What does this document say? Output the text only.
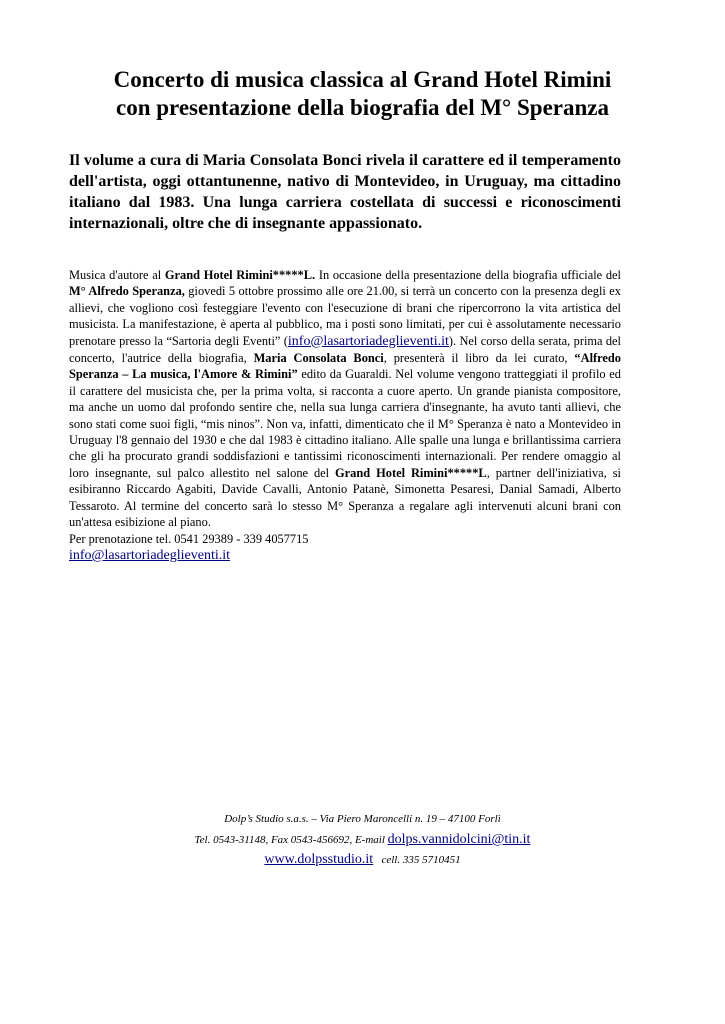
Concerto di musica classica al Grand Hotel Rimini
con presentazione della biografia del M° Speranza
Il volume a cura di Maria Consolata Bonci rivela il carattere ed il temperamento dell'artista, oggi ottantunenne, nativo di Montevideo, in Uruguay, ma cittadino italiano dal 1983. Una lunga carriera costellata di successi e riconoscimenti internazionali, oltre che di insegnante appassionato.
Musica d'autore al Grand Hotel Rimini*****L. In occasione della presentazione della biografia ufficiale del M° Alfredo Speranza, giovedì 5 ottobre prossimo alle ore 21.00, si terrà un concerto con la presenza degli ex allievi, che vogliono così festeggiare l'evento con l'esecuzione di brani che ripercorrono la vita artistica del musicista. La manifestazione, è aperta al pubblico, ma i posti sono limitati, per cui è assolutamente necessario prenotare presso la “Sartoria degli Eventi” (info@lasartoriadeglieventi.it). Nel corso della serata, prima del concerto, l'autrice della biografia, Maria Consolata Bonci, presenterà il libro da lei curato, “Alfredo Speranza – La musica, l'Amore & Rimini” edito da Guaraldi. Nel volume vengono tratteggiati il profilo ed il carattere del musicista che, per la prima volta, si racconta a cuore aperto. Un grande pianista compositore, ma anche un uomo dal profondo sentire che, nella sua lunga carriera d'insegnante, ha avuto tanti allievi, che sono stati come suoi figli, “mis ninos”. Non va, infatti, dimenticato che il M° Speranza è nato a Montevideo in Uruguay l'8 gennaio del 1930 e che dal 1983 è cittadino italiano. Alle spalle una lunga e brillantissima carriera che gli ha procurato grandi soddisfazioni e tantissimi riconoscimenti internazionali. Per rendere omaggio al loro insegnante, sul palco allestito nel salone del Grand Hotel Rimini*****L, partner dell'iniziativa, si esibiranno Riccardo Agabiti, Davide Cavalli, Antonio Patanè, Simonetta Pesaresi, Danial Samadi, Alberto Tessaroto. Al termine del concerto sarà lo stesso M° Speranza a regalare agli intervenuti alcuni brani con un'attesa esibizione al piano.
Per prenotazione tel. 0541 29389 - 339 4057715
info@lasartoriadeglieventi.it
Dolp’s Studio s.a.s. – Via Piero Maroncelli n. 19 – 47100 Forlì
Tel. 0543-31148, Fax 0543-456692, E-mail dolps.vannidolcini@tin.it
www.dolpsstudio.it cell. 335 5710451
